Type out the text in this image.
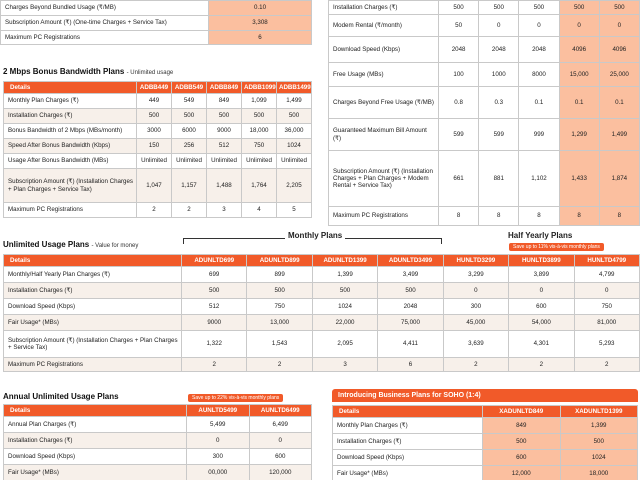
Charges Beyond Bundled Usage (₹/MB)	0.10
Subscription Amount (₹) (One-time Charges + Service Tax)	3,308
Maximum PC Registrations	6
2 Mbps Bonus Bandwidth Plans - Unlimited usage
Details	ADBB449	ADBB549	ADBB849	ADBB1099	ADBB1499
Monthly Plan Charges (₹)	449	549	849	1,099	1,499
Installation Charges (₹)	500	500	500	500	500
Bonus Bandwidth of 2 Mbps (MBs/month)	3000	6000	9000	18,000	36,000
Speed After Bonus Bandwidth (Kbps)	150	256	512	750	1024
Usage After Bonus Bandwidth (MBs)	Unlimited	Unlimited	Unlimited	Unlimited	Unlimited
Subscription Amount (₹) (Installation Charges + Plan Charges + Service Tax)	1,047	1,157	1,488	1,764	2,205
Maximum PC Registrations	2	2	3	4	5
Installation Charges (₹)	500	500	500	500	500
Modem Rental (₹/month)	50	0	0	0	0
Download Speed (Kbps)	2048	2048	2048	4096	4096
Free Usage (MBs)	100	1000	8000	15,000	25,000
Charges Beyond Free Usage (₹/MB)	0.8	0.3	0.1	0.1	0.1
Guaranteed Maximum Bill Amount (₹)	599	599	999	1,299	1,499
Subscription Amount (₹) (Installation Charges + Plan Charges + Modem Rental + Service Tax)	661	881	1,102	1,433	1,874
Maximum PC Registrations	8	8	8	8	8
Unlimited Usage Plans - Value for money
Monthly Plans	Half Yearly Plans
Save up to 11% vis-à-vis monthly plans
Details	ADUNLTD699	ADUNLTD899	ADUNLTD1399	ADUNLTD3499	HUNLTD3299	HUNLTD3899	HUNLTD4799
Monthly/Half Yearly Plan Charges (₹)	699	899	1,399	3,499	3,299	3,899	4,799
Installation Charges (₹)	500	500	500	500	0	0	0
Download Speed (Kbps)	512	750	1024	2048	300	600	750
Fair Usage* (MBs)	9000	13,000	22,000	75,000	45,000	54,000	81,000
Subscription Amount (₹) (Installation Charges + Plan Charges + Service Tax)	1,322	1,543	2,095	4,411	3,639	4,301	5,293
Maximum PC Registrations	2	2	3	6	2	2	2
Annual Unlimited Usage Plans	Save up to 22% vis-à-vis monthly plans
Details	AUNLTD5499	AUNLTD6499
Annual Plan Charges (₹)	5,499	6,499
Installation Charges (₹)	0	0
Download Speed (Kbps)	300	600
Fair Usage* (MBs)	00,000	120,000
Introducing Business Plans for SOHO (1:4)
Details	XADUNLTD849	XADUNLTD1399
Monthly Plan Charges (₹)	849	1,399
Installation Charges (₹)	500	500
Download Speed (Kbps)	600	1024
Fair Usage* (MBs)	12,000	18,000
